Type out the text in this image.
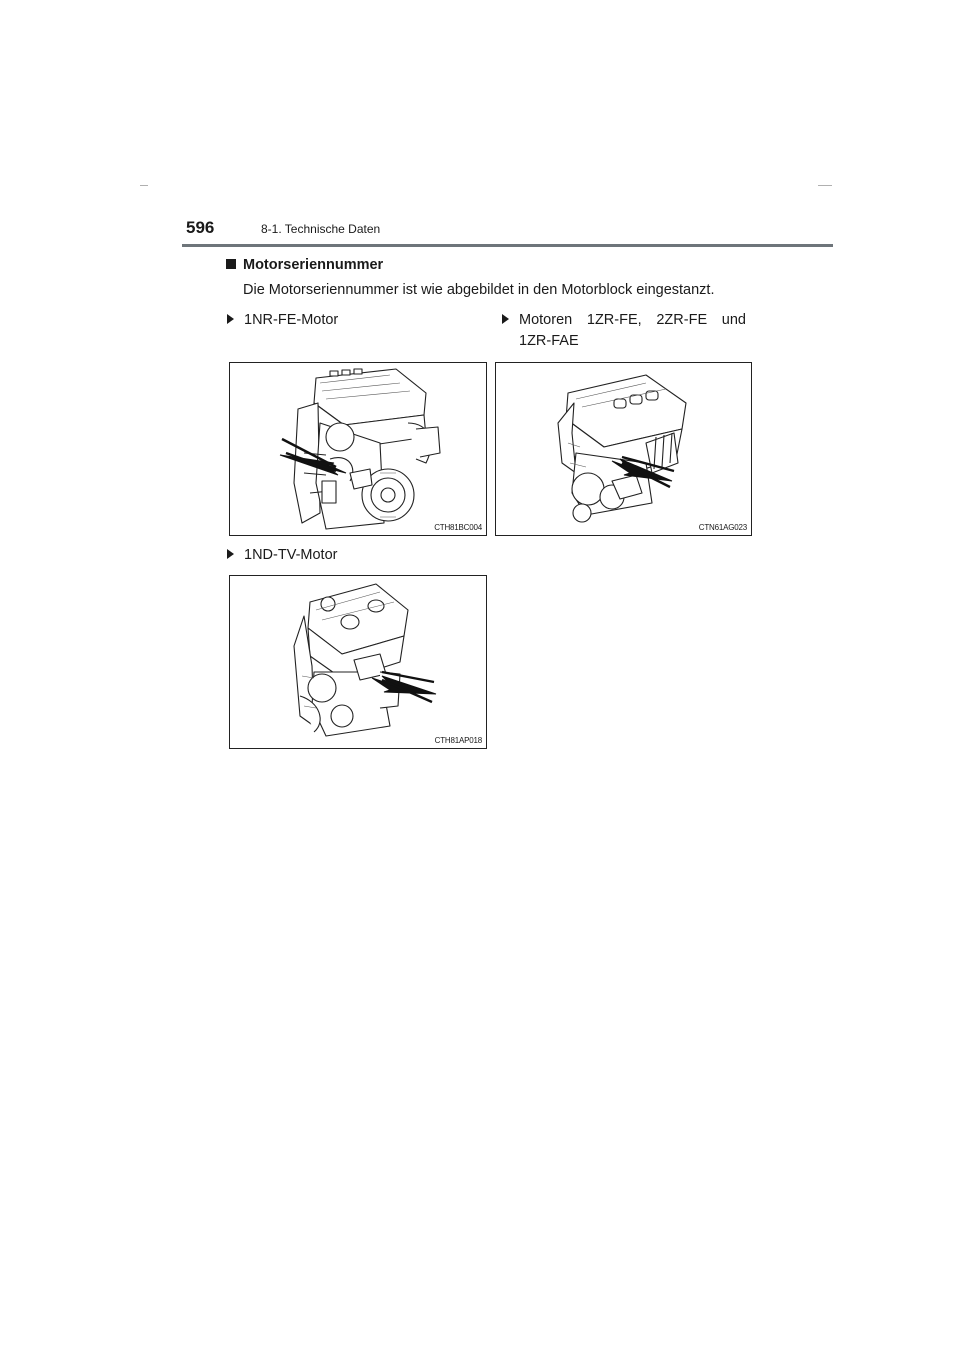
596	8-1. Technische Daten
Motorseriennummer
Die Motorseriennummer ist wie abgebildet in den Motorblock eingestanzt.
1NR-FE-Motor	Motoren 1ZR-FE, 2ZR-FE und 1ZR-FAE
CTH81BC004	CTN61AG023
1ND-TV-Motor
CTH81AP018
